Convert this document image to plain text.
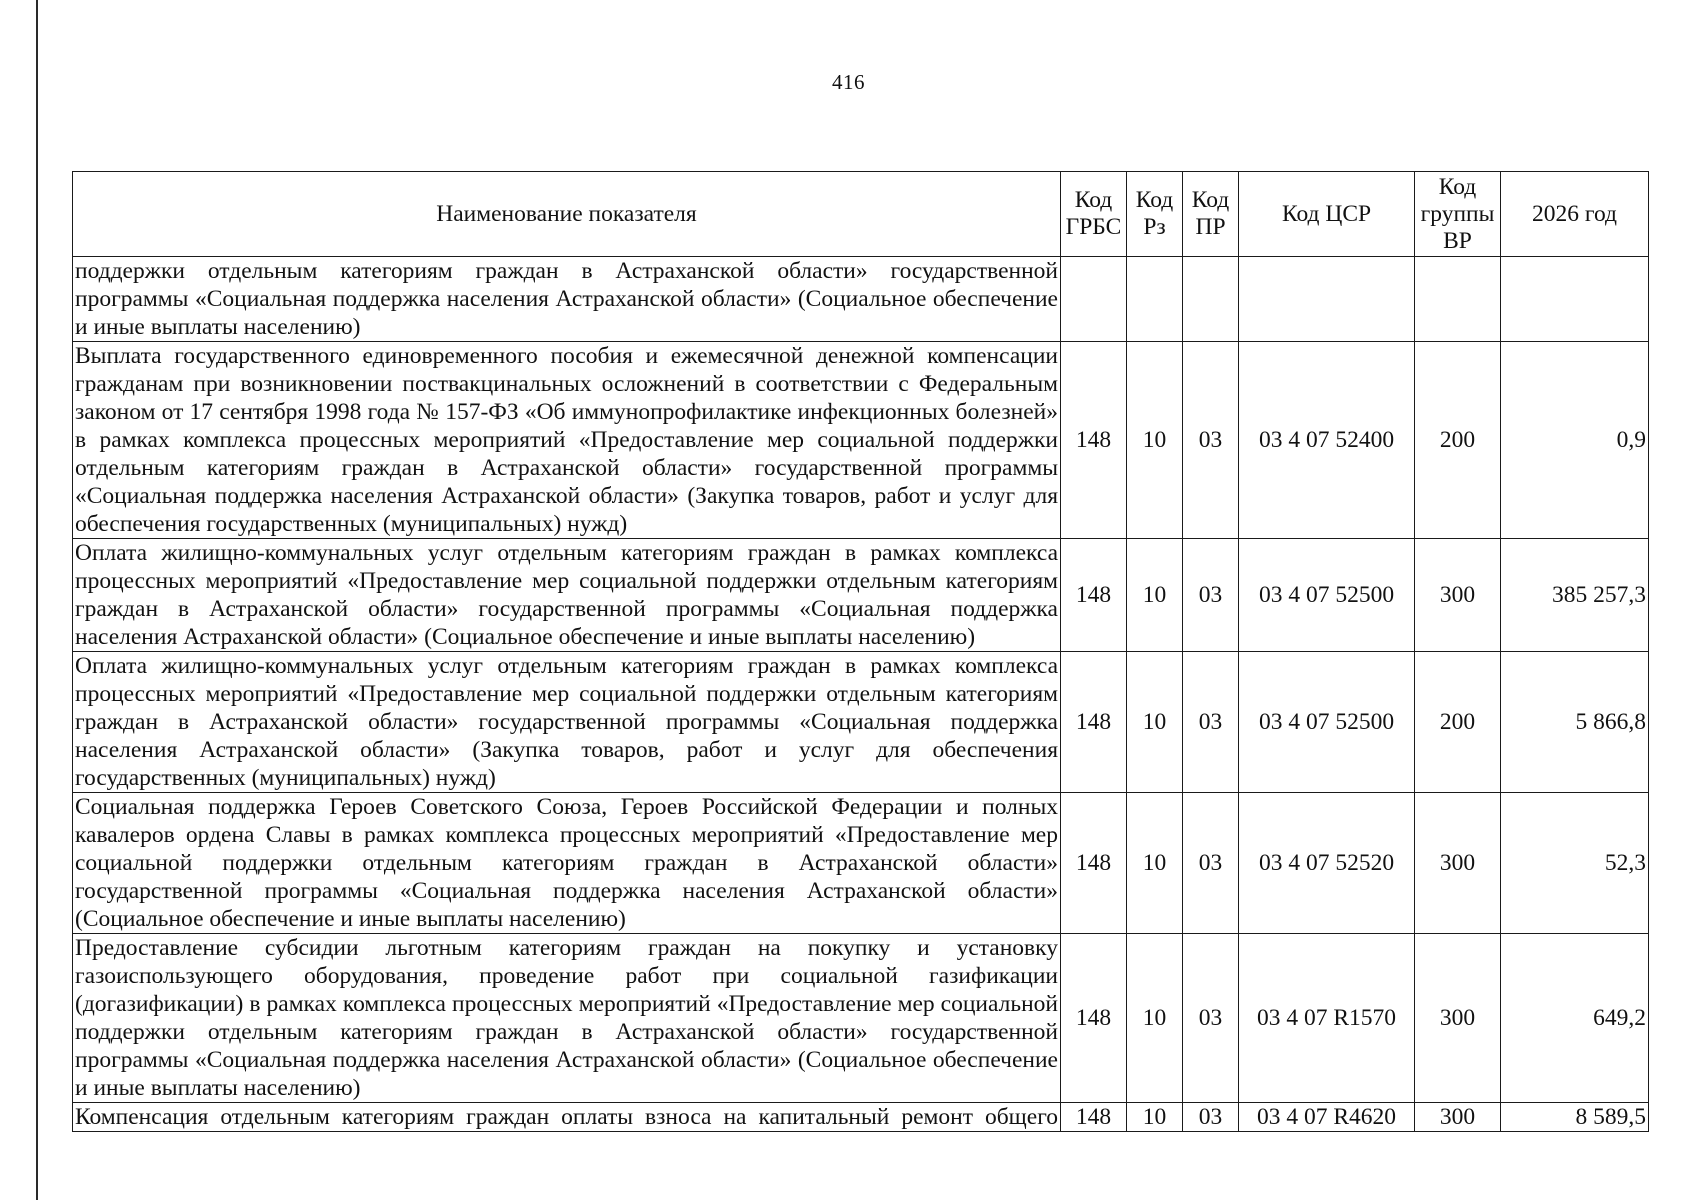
416
Наименование показателя	Код ГРБС	Код Рз	Код ПР	Код ЦСР	Код группы ВР	2026 год
поддержки отдельным категориям граждан в Астраханской области» государственной программы «Социальная поддержка населения Астраханской области» (Социальное обеспечение и иные выплаты населению)						
Выплата государственного единовременного пособия и ежемесячной денежной компенсации гражданам при возникновении поствакцинальных осложнений в соответствии с Федеральным законом от 17 сентября 1998 года № 157-ФЗ «Об иммунопрофилактике инфекционных болезней» в рамках комплекса процессных мероприятий «Предоставление мер социальной поддержки отдельным категориям граждан в Астраханской области» государственной программы «Социальная поддержка населения Астраханской области» (Закупка товаров, работ и услуг для обеспечения государственных (муниципальных) нужд)	148	10	03	03 4 07 52400	200	0,9
Оплата жилищно-коммунальных услуг отдельным категориям граждан в рамках комплекса процессных мероприятий «Предоставление мер социальной поддержки отдельным категориям граждан в Астраханской области» государственной программы «Социальная поддержка населения Астраханской области» (Социальное обеспечение и иные выплаты населению)	148	10	03	03 4 07 52500	300	385 257,3
Оплата жилищно-коммунальных услуг отдельным категориям граждан в рамках комплекса процессных мероприятий «Предоставление мер социальной поддержки отдельным категориям граждан в Астраханской области» государственной программы «Социальная поддержка населения Астраханской области» (Закупка товаров, работ и услуг для обеспечения государственных (муниципальных) нужд)	148	10	03	03 4 07 52500	200	5 866,8
Социальная поддержка Героев Советского Союза, Героев Российской Федерации и полных кавалеров ордена Славы в рамках комплекса процессных мероприятий «Предоставление мер социальной поддержки отдельным категориям граждан в Астраханской области» государственной программы «Социальная поддержка населения Астраханской области» (Социальное обеспечение и иные выплаты населению)	148	10	03	03 4 07 52520	300	52,3
Предоставление субсидии льготным категориям граждан на покупку и установку газоиспользующего оборудования, проведение работ при социальной газификации (догазификации) в рамках комплекса процессных мероприятий «Предоставление мер социальной поддержки отдельным категориям граждан в Астраханской области» государственной программы «Социальная поддержка населения Астраханской области» (Социальное обеспечение и иные выплаты населению)	148	10	03	03 4 07 R1570	300	649,2
Компенсация отдельным категориям граждан оплаты взноса на капитальный ремонт общего	148	10	03	03 4 07 R4620	300	8 589,5
